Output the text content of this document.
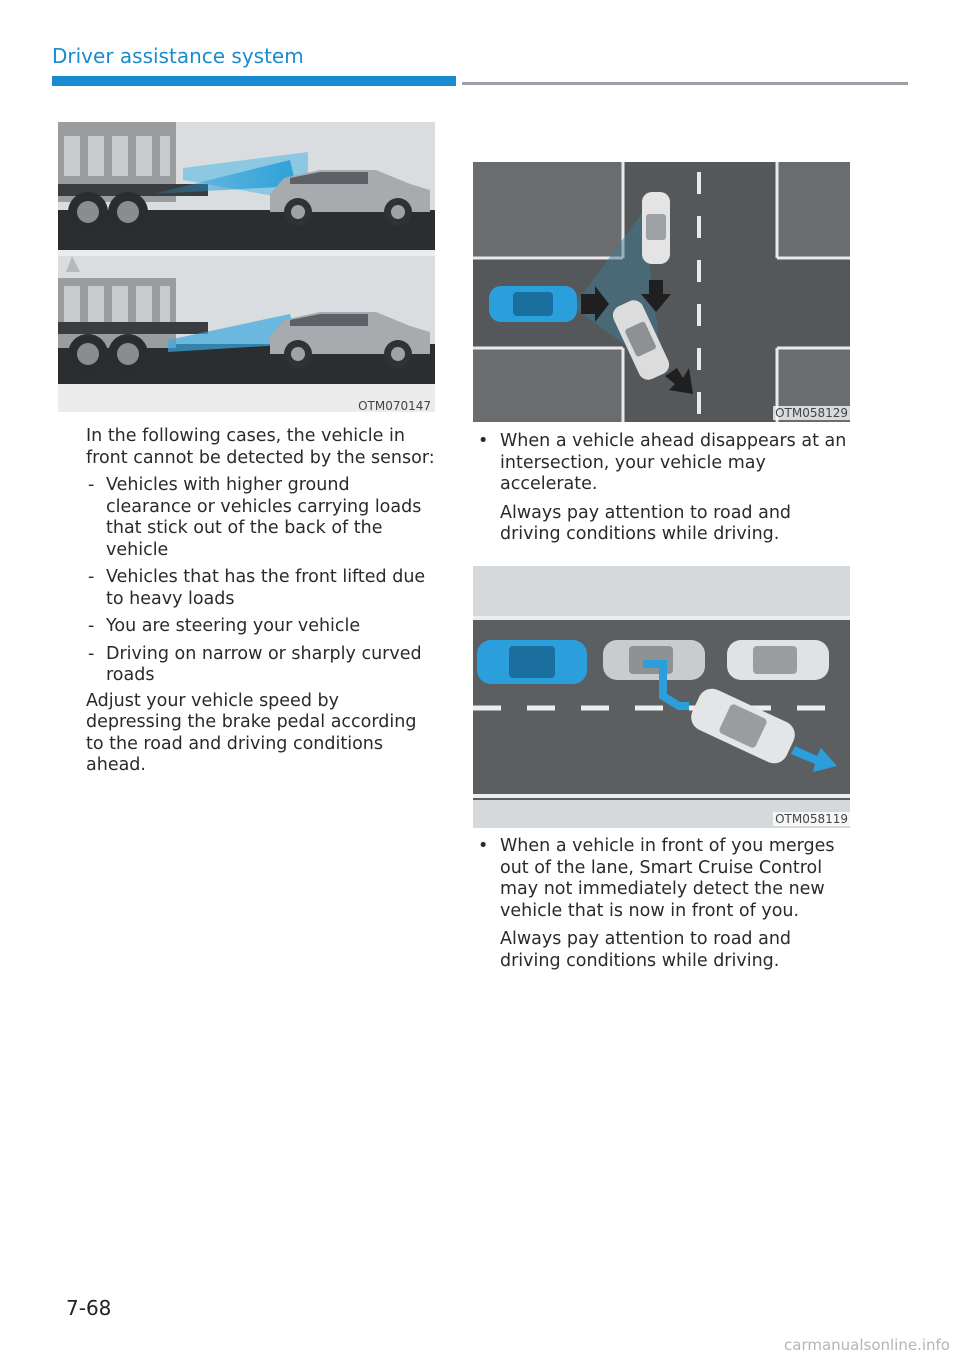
Driver assistance system
OTM070147	OTM058129
OTM058119

In the following cases, the vehicle in front cannot be detected by the sensor:

- Vehicles with higher ground clearance or vehicles carrying loads that stick out of the back of the vehicle

- Vehicles that has the front lifted due to heavy loads

- You are steering your vehicle

- Driving on narrow or sharply curved roads

Adjust your vehicle speed by depressing the brake pedal according to the road and driving conditions ahead.

• When a vehicle ahead disappears at an intersection, your vehicle may accelerate.

Always pay attention to road and driving conditions while driving.

• When a vehicle in front of you merges out of the lane, Smart Cruise Control may not immediately detect the new vehicle that is now in front of you.

Always pay attention to road and driving conditions while driving.

7-68
carmanualsonline.info
